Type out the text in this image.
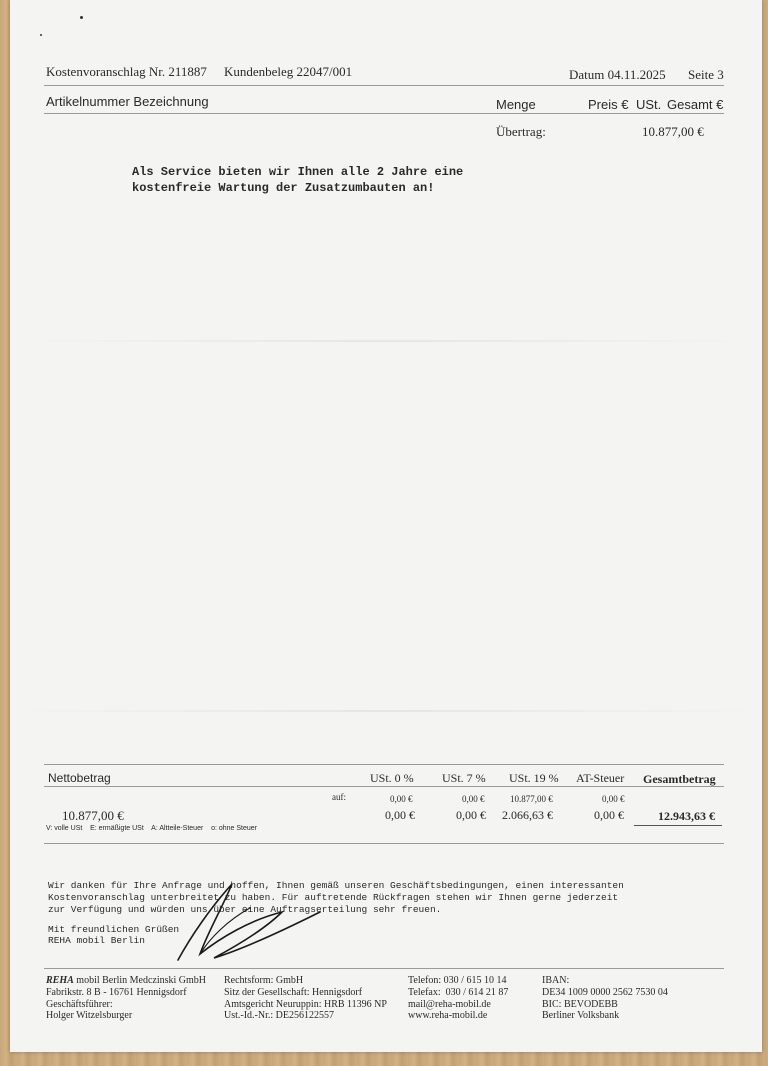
Kostenvoranschlag Nr. 211887 Kundenbeleg 22047/001	Datum 04.11.2025 Seite 3
Artikelnummer Bezeichnung	Menge	Preis € USt. Gesamt €
Übertrag:	10.877,00 €
Als Service bieten wir Ihnen alle 2 Jahre eine
kostenfreie Wartung der Zusatzumbauten an!
Nettobetrag	USt. 0 % USt. 7 % USt. 19 % AT-Steuer Gesamtbetrag
auf:	0,00 €	0,00 €	10.877,00 €	0,00 €
10.877,00 €	0,00 €	0,00 € 2.066,63 €	0,00 €	12.943,63 €
V: volle USt    E: ermäßigte USt    A: Altteile-Steuer    o: ohne Steuer
Wir danken für Ihre Anfrage und hoffen, Ihnen gemäß unseren Geschäftsbedingungen, einen interessanten
Kostenvoranschlag unterbreitet zu haben. Für auftretende Rückfragen stehen wir Ihnen gerne jederzeit
zur Verfügung und würden uns über eine Auftragserteilung sehr freuen.
Mit freundlichen Grüßen
REHA mobil Berlin
REHA mobil Berlin Medczinski GmbH
Fabrikstr. 8 B - 16761 Hennigsdorf
Geschäftsführer:
Holger Witzelsburger
Rechtsform: GmbH
Sitz der Gesellschaft: Hennigsdorf
Amtsgericht Neuruppin: HRB 11396 NP
Ust.-Id.-Nr.: DE256122557
Telefon: 030 / 615 10 14
Telefax:  030 / 614 21 87
mail@reha-mobil.de
www.reha-mobil.de
IBAN:
DE34 1009 0000 2562 7530 04
BIC: BEVODEBB
Berliner Volksbank
